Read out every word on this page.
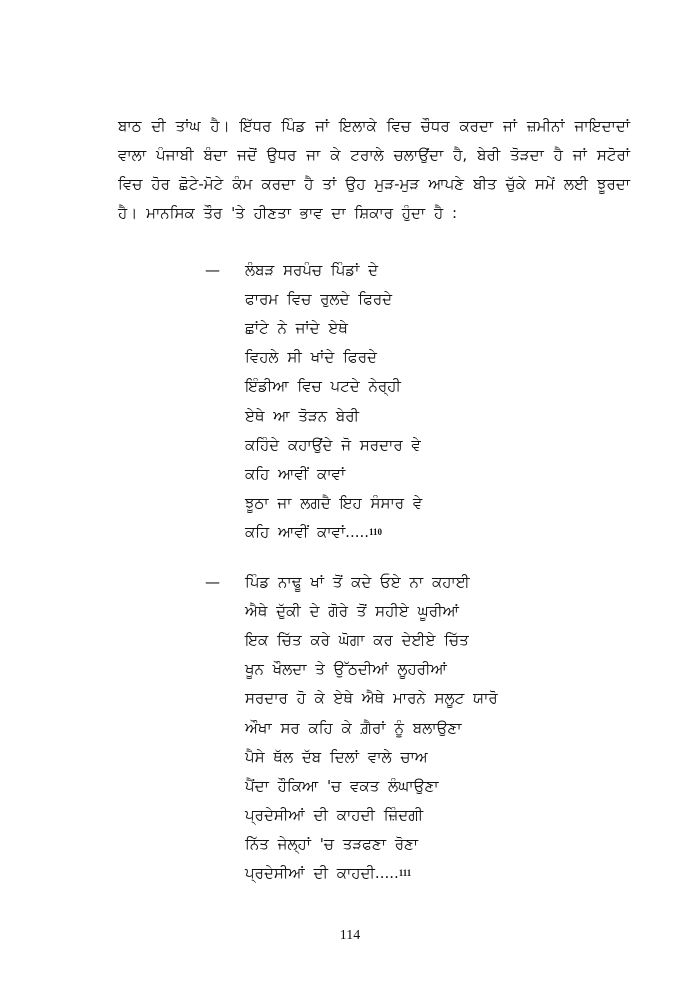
ਬਾਠ ਦੀ ਤਾਂਘ ਹੈ। ਇੱਧਰ ਪਿੰਡ ਜਾਂ ਇਲਾਕੇ ਵਿਚ ਚੌਧਰ ਕਰਦਾ ਜਾਂ ਜ਼ਮੀਨਾਂ ਜਾਇਦਾਦਾਂ ਵਾਲਾ ਪੰਜਾਬੀ ਬੰਦਾ ਜਦੋਂ ਉਧਰ ਜਾ ਕੇ ਟਰਾਲੇ ਚਲਾਉਂਦਾ ਹੈ, ਬੇਰੀ ਤੋੜਦਾ ਹੈ ਜਾਂ ਸਟੋਰਾਂ ਵਿਚ ਹੋਰ ਛੋਟੇ-ਮੋਟੇ ਕੰਮ ਕਰਦਾ ਹੈ ਤਾਂ ਉਹ ਮੁੜ-ਮੁੜ ਆਪਣੇ ਬੀਤ ਚੁੱਕੇ ਸਮੇਂ ਲਈ ਝੂਰਦਾ ਹੈ। ਮਾਨਸਿਕ ਤੌਰ 'ਤੇ ਹੀਣਤਾ ਭਾਵ ਦਾ ਸ਼ਿਕਾਰ ਹੁੰਦਾ ਹੈ :
—	ਲੰਬੜ ਸਰਪੰਚ ਪਿੰਡਾਂ ਦੇ
ਫਾਰਮ ਵਿਚ ਰੁਲਦੇ ਫਿਰਦੇ
ਛਾਂਟੇ ਨੇ ਜਾਂਦੇ ਏਥੇ
ਵਿਹਲੇ ਸੀ ਖਾਂਦੇ ਫਿਰਦੇ
ਇੰਡੀਆ ਵਿਚ ਪਟਦੇ ਨੇਰ੍ਹੀ
ਏਥੇ ਆ ਤੋੜਨ ਬੇਰੀ
ਕਹਿੰਦੇ ਕਹਾਉਂਦੇ ਜੋ ਸਰਦਾਰ ਵੇ
ਕਹਿ ਆਵੀਂ ਕਾਵਾਂ
ਝੂਠਾ ਜਾ ਲਗਦੈ ਇਹ ਸੰਸਾਰ ਵੇ
ਕਹਿ ਆਵੀਂ ਕਾਵਾਂ..... 110
—	ਪਿੰਡ ਨਾਢੂ ਖਾਂ ਤੋਂ ਕਦੇ ਓਏ ਨਾ ਕਹਾਈ
ਐਥੇ ਦੁੱਕੀ ਦੇ ਗੋਰੇ ਤੋਂ ਸਹੀਏ ਘੂਰੀਆਂ
ਇਕ ਚਿੱਤ ਕਰੇ ਘੋਗਾ ਕਰ ਦੇਈਏ ਚਿੱਤ
ਖੂਨ ਖੌਲਦਾ ਤੇ ਉੱਠਦੀਆਂ ਲੂਹਰੀਆਂ
ਸਰਦਾਰ ਹੋ ਕੇ ਏਥੇ ਐਥੇ ਮਾਰਨੇ ਸਲੂਟ ਯਾਰੋ
ਔਖਾ ਸਰ ਕਹਿ ਕੇ ਗ਼ੈਰਾਂ ਨੂੰ ਬਲਾਉਣਾ
ਪੈਸੇ ਥੱਲ ਦੱਬ ਦਿਲਾਂ ਵਾਲੇ ਚਾਅ
ਪੈਂਦਾ ਹੌਕਿਆ 'ਚ ਵਕਤ ਲੰਘਾਉਣਾ
ਪ੍ਰਦੇਸੀਆਂ ਦੀ ਕਾਹਦੀ ਜ਼ਿੰਦਗੀ
ਨਿੱਤ ਜੇਲ੍ਹਾਂ 'ਚ ਤੜਫਣਾ ਰੋਣਾ
ਪ੍ਰਦੇਸੀਆਂ ਦੀ ਕਾਹਦੀ..... 111
114
